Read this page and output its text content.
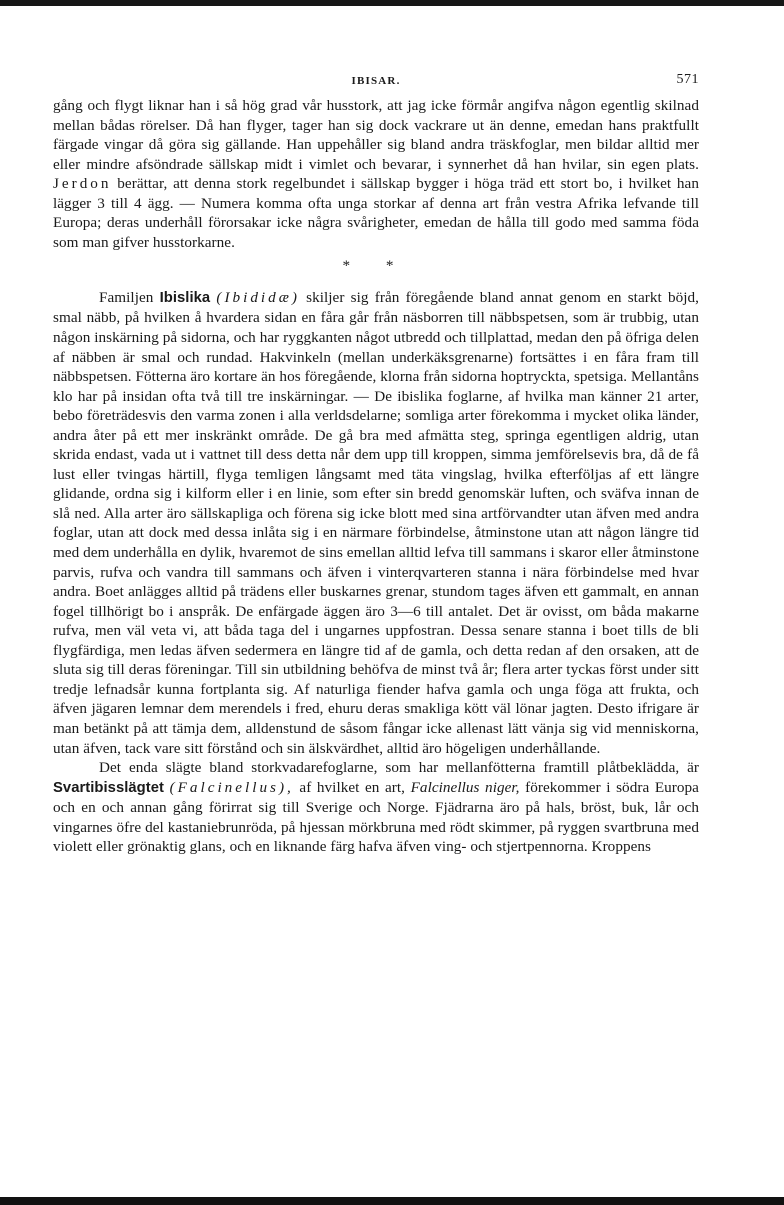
IBISAR.	571

gång och flygt liknar han i så hög grad vår husstork, att jag icke förmår angifva någon egentlig skilnad mellan bådas rörelser. Då han flyger, tager han sig dock vackrare ut än denne, emedan hans praktfullt färgade vingar då göra sig gällande. Han uppehåller sig bland andra träskfoglar, men bildar alltid mer eller mindre afsöndrade sällskap midt i vimlet och bevarar, i synnerhet då han hvilar, sin egen plats. Jerdon berättar, att denna stork regelbundet i sällskap bygger i höga träd ett stort bo, i hvilket han lägger 3 till 4 ägg. — Numera komma ofta unga storkar af denna art från vestra Afrika lefvande till Europa; deras underhåll förorsakar icke några svårigheter, emedan de hålla till godo med samma föda som man gifver husstorkarne.

* *

Familjen Ibislika (Ibididæ) skiljer sig från föregående bland annat genom en starkt böjd, smal näbb, på hvilken å hvardera sidan en fåra går från näsborren till näbbspetsen, som är trubbig, utan någon inskärning på sidorna, och har ryggkanten något utbredd och tillplattad, medan den på öfriga delen af näbben är smal och rundad. Hakvinkeln (mellan underkäksgrenarne) fortsättes i en fåra fram till näbbspetsen. Fötterna äro kortare än hos föregående, klorna från sidorna hoptryckta, spetsiga. Mellantåns klo har på insidan ofta två till tre inskärningar. — De ibislika foglarne, af hvilka man känner 21 arter, bebo företrädesvis den varma zonen i alla verldsdelarne; somliga arter förekomma i mycket olika länder, andra åter på ett mer inskränkt område. De gå bra med afmätta steg, springa egentligen aldrig, utan skrida endast, vada ut i vattnet till dess detta når dem upp till kroppen, simma jemförelsevis bra, då de få lust eller tvingas härtill, flyga temligen långsamt med täta vingslag, hvilka efterföljas af ett längre glidande, ordna sig i kilform eller i en linie, som efter sin bredd genomskär luften, och sväfva innan de slå ned. Alla arter äro sällskapliga och förena sig icke blott med sina artförvandter utan äfven med andra foglar, utan att dock med dessa inlåta sig i en närmare förbindelse, åtminstone utan att någon längre tid med dem underhålla en dylik, hvaremot de sins emellan alltid lefva till sammans i skaror eller åtminstone parvis, rufva och vandra till sammans och äfven i vinterqvarteren stanna i nära förbindelse med hvar andra. Boet anlägges alltid på trädens eller buskarnes grenar, stundom tages äfven ett gammalt, en annan fogel tillhörigt bo i anspråk. De enfärgade äggen äro 3—6 till antalet. Det är ovisst, om båda makarne rufva, men väl veta vi, att båda taga del i ungarnes uppfostran. Dessa senare stanna i boet tills de bli flygfärdiga, men ledas äfven sedermera en längre tid af de gamla, och detta redan af den orsaken, att de sluta sig till deras föreningar. Till sin utbildning behöfva de minst två år; flera arter tyckas först under sitt tredje lefnadsår kunna fortplanta sig. Af naturliga fiender hafva gamla och unga föga att frukta, och äfven jägaren lemnar dem merendels i fred, ehuru deras smakliga kött väl lönar jagten. Desto ifrigare är man betänkt på att tämja dem, alldenstund de såsom fångar icke allenast lätt vänja sig vid menniskorna, utan äfven, tack vare sitt förstånd och sin älskvärdhet, alltid äro högeligen underhållande.

Det enda slägte bland storkvadarefoglarne, som har mellanfötterna framtill plåtbeklädda, är Svartibisslägtet (Falcinellus), af hvilket en art, Falcinellus niger, förekommer i södra Europa och en och annan gång förirrat sig till Sverige och Norge. Fjädrarna äro på hals, bröst, buk, lår och vingarnes öfre del kastaniebrunröda, på hjessan mörkbruna med rödt skimmer, på ryggen svartbruna med violett eller grönaktig glans, och en liknande färg hafva äfven ving- och stjertpennorna. Kroppens
